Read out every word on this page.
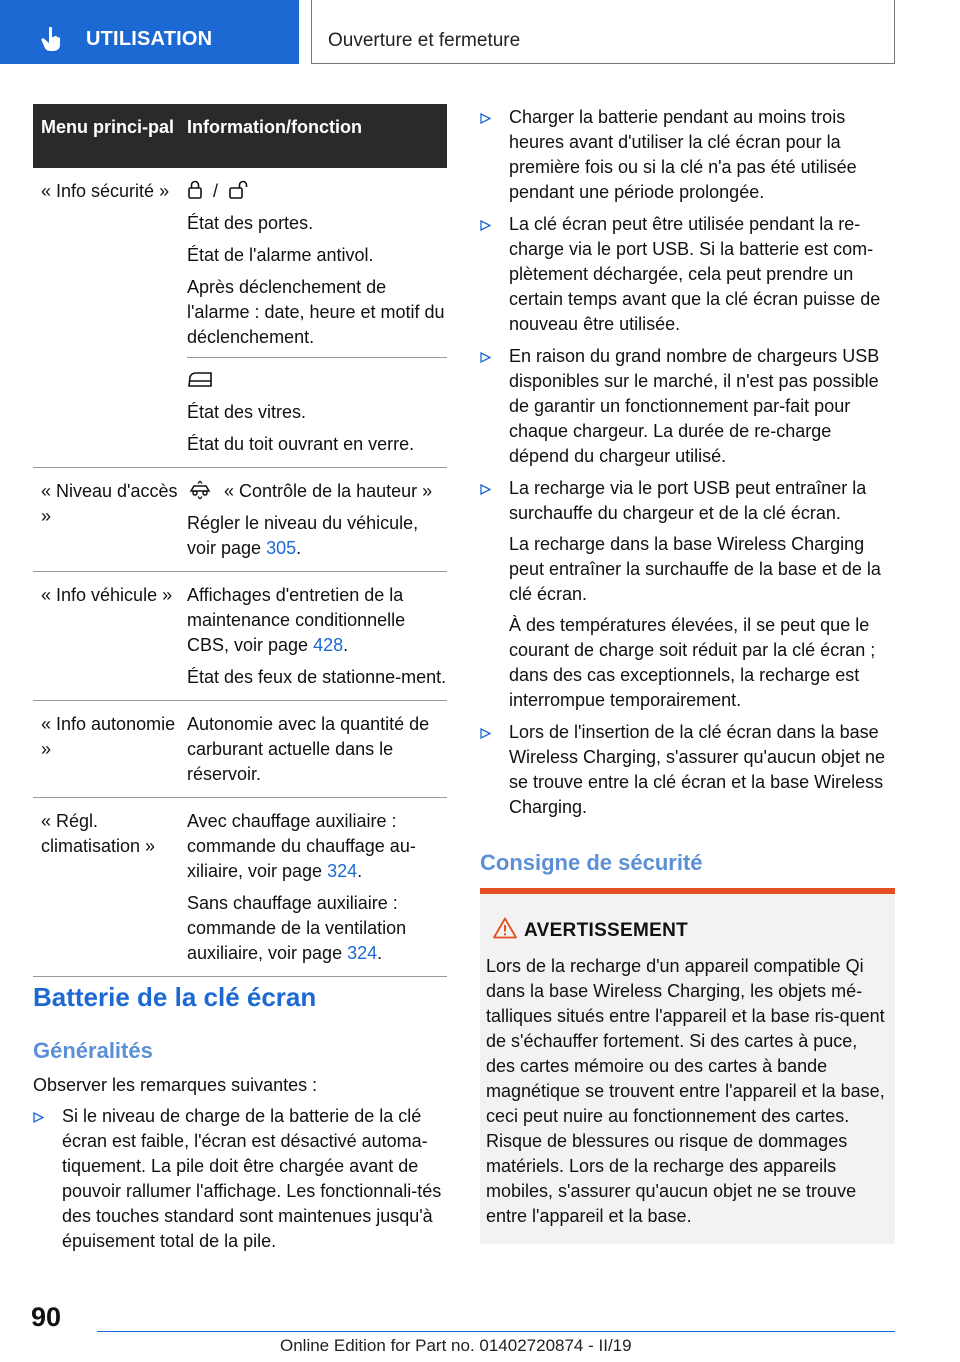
UTILISATION	Ouverture et fermeture
Menu princi-pal Information/fonction
« Info sécurité »	/

État des portes.

État de l'alarme antivol.

Après déclenchement de l'alarme : date, heure et motif du déclenchement.

État des vitres.

État du toit ouvrant en verre.

« Niveau d'accès »

« Contrôle de la hauteur »

Régler le niveau du véhicule, voir page 305.

« Info véhicule » Affichages d'entretien de la maintenance conditionnelle CBS, voir page 428.

État des feux de stationne-ment.

« Info autonomie »

Autonomie avec la quantité de carburant actuelle dans le réservoir.

« Régl. climatisation »

Avec chauffage auxiliaire : commande du chauffage au-xiliaire, voir page 324.

Sans chauffage auxiliaire : commande de la ventilation auxiliaire, voir page 324.

Batterie de la clé écran
Généralités
Observer les remarques suivantes :

Si le niveau de charge de la batterie de la clé écran est faible, l'écran est désactivé automa-tiquement. La pile doit être chargée avant de pouvoir rallumer l'affichage. Les fonctionnali-tés des touches standard sont maintenues jusqu'à épuisement total de la pile.

Charger la batterie pendant au moins trois heures avant d'utiliser la clé écran pour la première fois ou si la clé n'a pas été utilisée pendant une période prolongée.

La clé écran peut être utilisée pendant la re-charge via le port USB. Si la batterie est com-plètement déchargée, cela peut prendre un certain temps avant que la clé écran puisse de nouveau être utilisée.

En raison du grand nombre de chargeurs USB disponibles sur le marché, il n'est pas possible de garantir un fonctionnement par-fait pour chaque chargeur. La durée de re-charge dépend du chargeur utilisé.

La recharge via le port USB peut entraîner la surchauffe du chargeur et de la clé écran.

La recharge dans la base Wireless Charging peut entraîner la surchauffe de la base et de la clé écran.

À des températures élevées, il se peut que le courant de charge soit réduit par la clé écran ; dans des cas exceptionnels, la recharge est interrompue temporairement.

Lors de l'insertion de la clé écran dans la base Wireless Charging, s'assurer qu'aucun objet ne se trouve entre la clé écran et la base Wireless Charging.

Consigne de sécurité
AVERTISSEMENT
Lors de la recharge d'un appareil compatible Qi dans la base Wireless Charging, les objets mé-talliques situés entre l'appareil et la base ris-quent de s'échauffer fortement. Si des cartes à puce, des cartes mémoire ou des cartes à bande magnétique se trouvent entre l'appareil et la base, ceci peut nuire au fonctionnement des cartes. Risque de blessures ou risque de dommages matériels. Lors de la recharge des appareils mobiles, s'assurer qu'aucun objet ne se trouve entre l'appareil et la base.
90
Online Edition for Part no. 01402720874 - II/19
